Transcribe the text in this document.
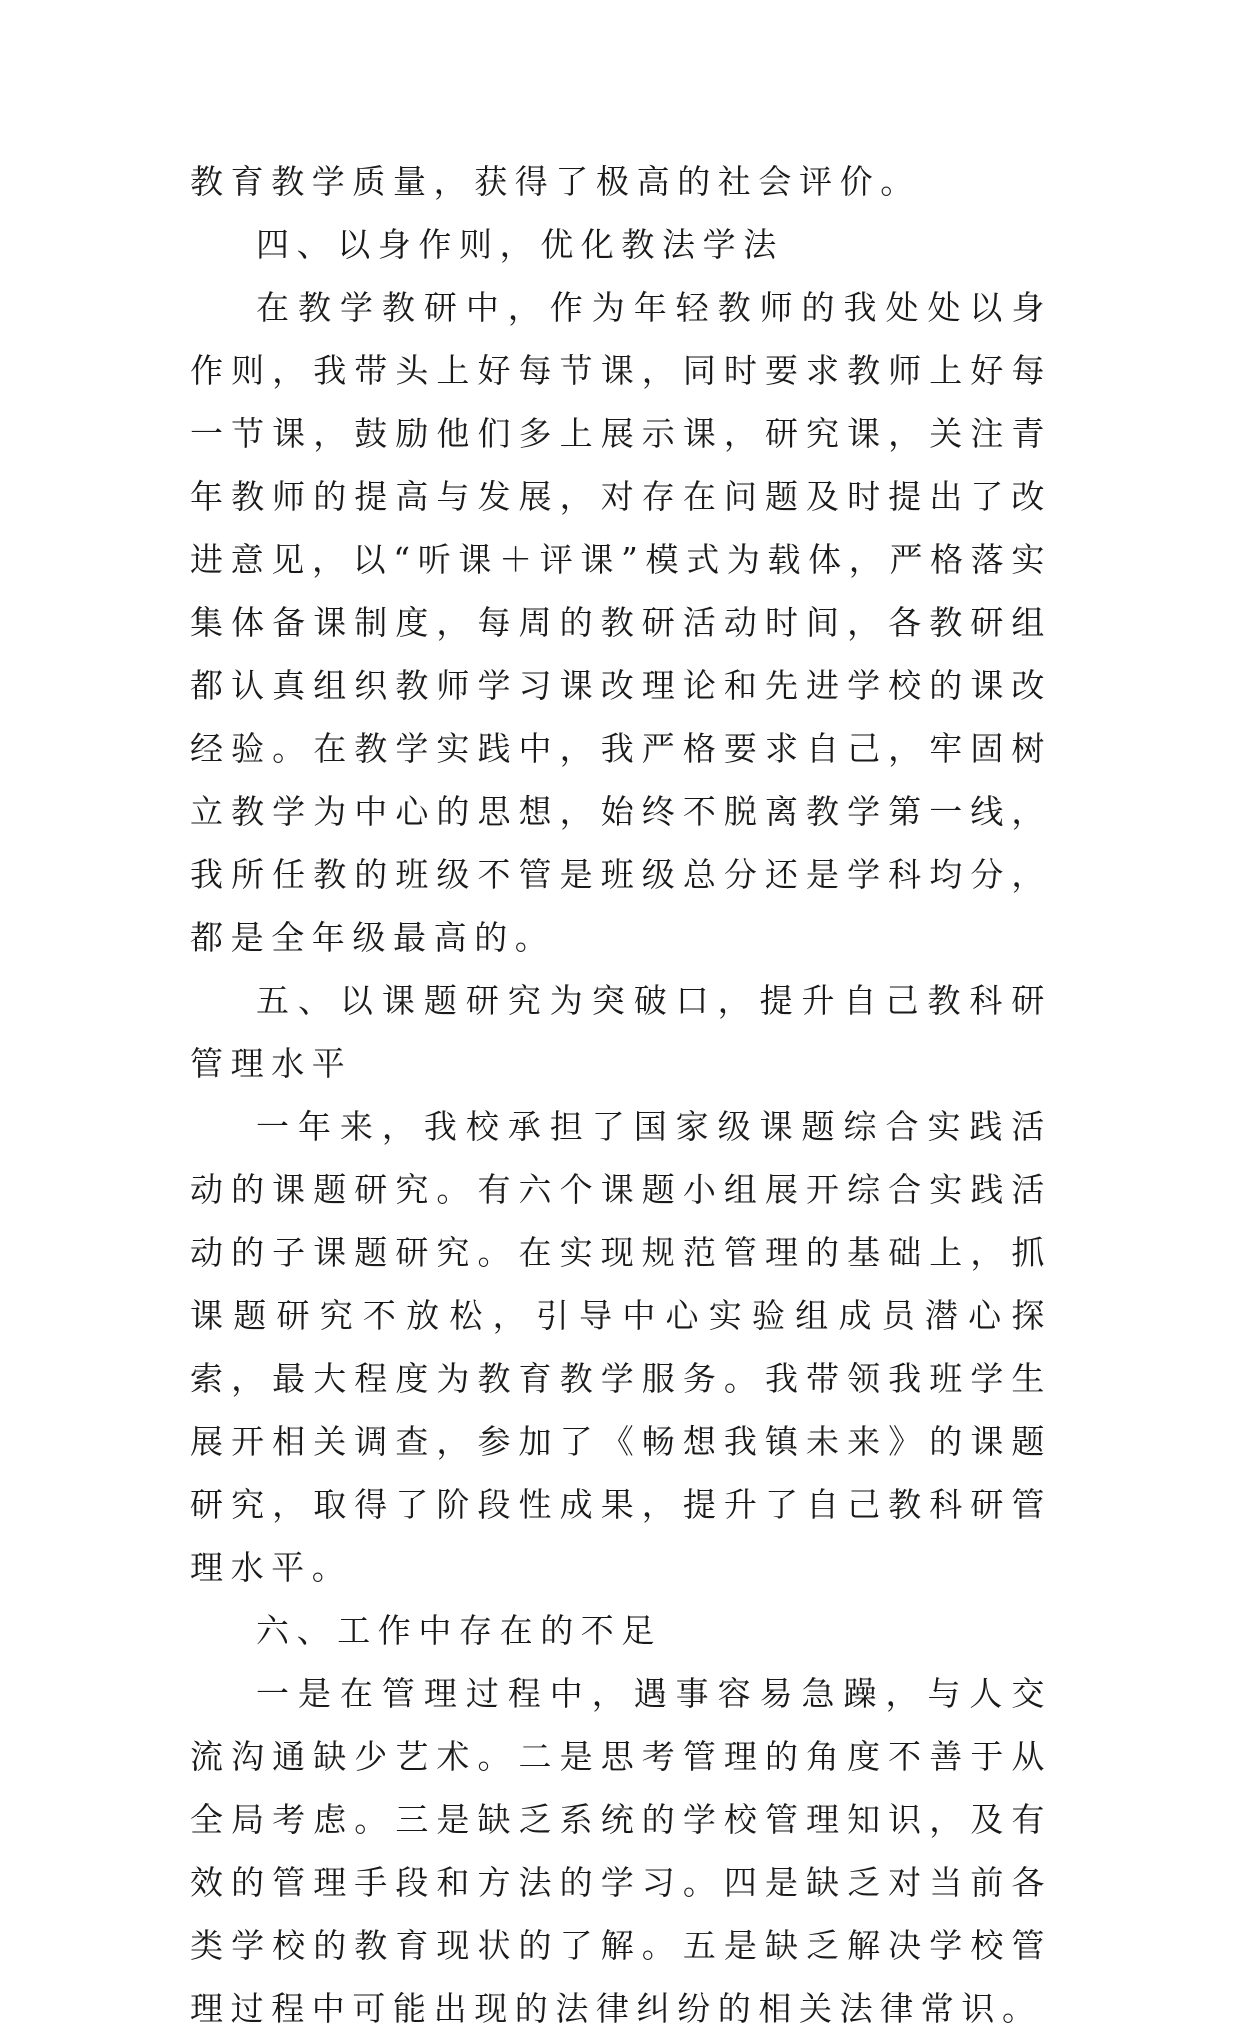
教育教学质量，获得了极高的社会评价。

四、以身作则，优化教法学法

在教学教研中，作为年轻教师的我处处以身作则，我带头上好每节课，同时要求教师上好每一节课，鼓励他们多上展示课，研究课，关注青年教师的提高与发展，对存在问题及时提出了改进意见，以“听课＋评课”模式为载体，严格落实集体备课制度，每周的教研活动时间，各教研组都认真组织教师学习课改理论和先进学校的课改经验。在教学实践中，我严格要求自己，牢固树立教学为中心的思想，始终不脱离教学第一线，我所任教的班级不管是班级总分还是学科均分，都是全年级最高的。

五、以课题研究为突破口，提升自己教科研管理水平

一年来，我校承担了国家级课题综合实践活动的课题研究。有六个课题小组展开综合实践活动的子课题研究。在实现规范管理的基础上，抓课题研究不放松，引导中心实验组成员潜心探索，最大程度为教育教学服务。我带领我班学生展开相关调查，参加了《畅想我镇未来》的课题研究，取得了阶段性成果，提升了自己教科研管理水平。

六、工作中存在的不足

一是在管理过程中，遇事容易急躁，与人交流沟通缺少艺术。二是思考管理的角度不善于从全局考虑。三是缺乏系统的学校管理知识，及有效的管理手段和方法的学习。四是缺乏对当前各类学校的教育现状的了解。五是缺乏解决学校管理过程中可能出现的法律纠纷的相关法律常识。
